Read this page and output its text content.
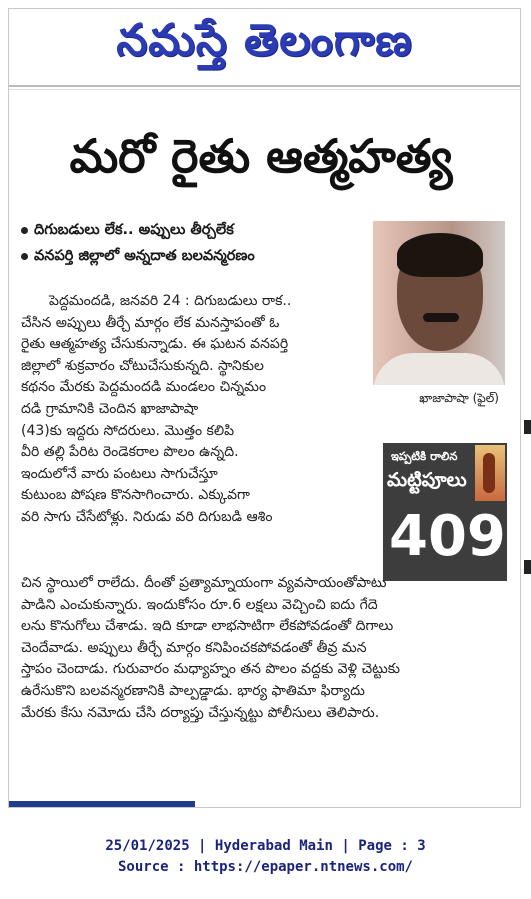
నమస్తే తెలంగాణ
మరో రైతు ఆత్మహత్య
దిగుబడులు లేక.. అప్పులు తీర్చలేక
వనపర్తి జిల్లాలో అన్నదాత బలవన్మరణం
ఖాజాపాషా (ఫైల్)
పెద్దమందడి, జనవరి 24 : దిగుబడులు రాక..
చేసిన అప్పులు తీర్చే మార్గం లేక మనస్తాపంతో ఓ
రైతు ఆత్మహత్య చేసుకున్నాడు. ఈ ఘటన వనపర్తి
జిల్లాలో శుక్రవారం చోటుచేసుకున్నది. స్థానికుల
కథనం మేరకు పెద్దమందడి మండలం చిన్నమం
దడి గ్రామానికి చెందిన ఖాజాపాషా
(43)కు ఇద్దరు సోదరులు. మొత్తం కలిపి
వీరి తల్లి పేరిట రెండెకరాల పొలం ఉన్నది.
ఇందులోనే వారు పంటలు సాగుచేస్తూ
కుటుంబ పోషణ కొనసాగించారు. ఎక్కువగా
వరి సాగు చేసేటోళ్లు. నిరుడు వరి దిగుబడి ఆశిం
ఇప్పటికి రాలిన
మట్టిపూలు
409
చిన స్థాయిలో రాలేదు. దీంతో ప్రత్యామ్నాయంగా వ్యవసాయంతోపాటు
పాడిని ఎంచుకున్నారు. ఇందుకోసం రూ.6 లక్షలు వెచ్చించి ఐదు గేదె
లను కొనుగోలు చేశాడు. ఇది కూడా లాభసాటిగా లేకపోవడంతో దిగాలు
చెందేవాడు. అప్పులు తీర్చే మార్గం కనిపించకపోవడంతో తీవ్ర మన
స్తాపం చెందాడు. గురువారం మధ్యాహ్నం తన పొలం వద్దకు వెళ్లి చెట్టుకు
ఉరేసుకొని బలవన్మరణానికి పాల్పడ్డాడు. భార్య ఫాతిమా ఫిర్యాదు
మేరకు కేసు నమోదు చేసి దర్యాప్తు చేస్తున్నట్టు పోలీసులు తెలిపారు.
25/01/2025 | Hyderabad Main | Page : 3
Source : https://epaper.ntnews.com/
